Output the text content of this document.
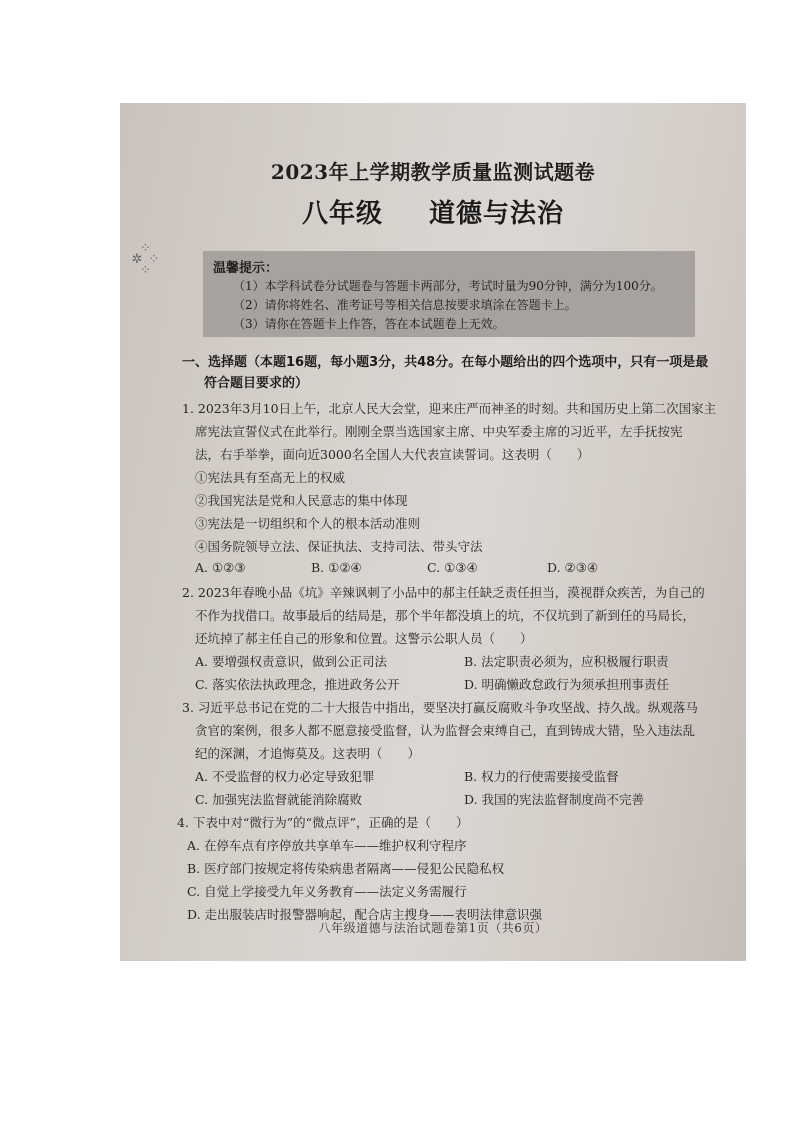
2023年上学期教学质量监测试题卷
八年级 道德与法治
⁘
✲ ⁘
⁘	温馨提示：
（1）本学科试卷分试题卷与答题卡两部分，考试时量为90分钟，满分为100分。
（2）请你将姓名、准考证号等相关信息按要求填涂在答题卡上。
（3）请你在答题卡上作答，答在本试题卷上无效。
一、选择题（本题16题，每小题3分，共48分。在每小题给出的四个选项中，只有一项是最
符合题目要求的）
1. 2023年3月10日上午，北京人民大会堂，迎来庄严而神圣的时刻。共和国历史上第二次国家主
席宪法宣誓仪式在此举行。刚刚全票当选国家主席、中央军委主席的习近平，左手抚按宪
法，右手举拳，面向近3000名全国人大代表宣读誓词。这表明（　　）
①宪法具有至高无上的权威
②我国宪法是党和人民意志的集中体现
③宪法是一切组织和个人的根本活动准则
④国务院领导立法、保证执法、支持司法、带头守法
A. ①②③	B. ①②④	C. ①③④	D. ②③④
2. 2023年春晚小品《坑》辛辣讽刺了小品中的郝主任缺乏责任担当，漠视群众疾苦，为自己的
不作为找借口。故事最后的结局是，那个半年都没填上的坑，不仅坑到了新到任的马局长，
还坑掉了郝主任自己的形象和位置。这警示公职人员（　　）
A. 要增强权责意识，做到公正司法	B. 法定职责必须为，应积极履行职责
C. 落实依法执政理念，推进政务公开	D. 明确懒政怠政行为须承担刑事责任
3. 习近平总书记在党的二十大报告中指出，要坚决打赢反腐败斗争攻坚战、持久战。纵观落马
贪官的案例，很多人都不愿意接受监督，认为监督会束缚自己，直到铸成大错，坠入违法乱
纪的深渊，才追悔莫及。这表明（　　）
A. 不受监督的权力必定导致犯罪	B. 权力的行使需要接受监督
C. 加强宪法监督就能消除腐败	D. 我国的宪法监督制度尚不完善
4. 下表中对“微行为”的“微点评”，正确的是（　　）
A. 在停车点有序停放共享单车——维护权利守程序
B. 医疗部门按规定将传染病患者隔离——侵犯公民隐私权
C. 自觉上学接受九年义务教育——法定义务需履行
D. 走出服装店时报警器响起，配合店主搜身——表明法律意识强
八年级道德与法治试题卷第1页（共6页）
